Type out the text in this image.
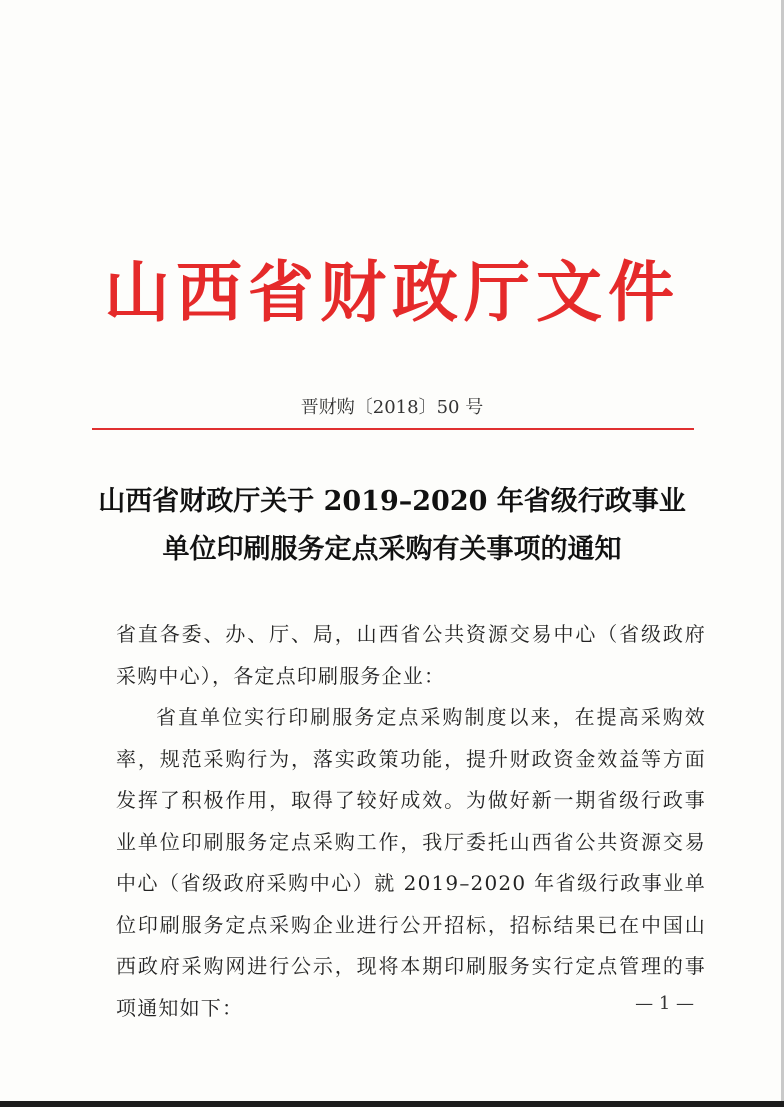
山西省财政厅文件
晋财购〔2018〕50 号
山西省财政厅关于 2019–2020 年省级行政事业
单位印刷服务定点采购有关事项的通知

省直各委、办、厅、局，山西省公共资源交易中心（省级政府采购中心），各定点印刷服务企业：

省直单位实行印刷服务定点采购制度以来，在提高采购效率，规范采购行为，落实政策功能，提升财政资金效益等方面发挥了积极作用，取得了较好成效。为做好新一期省级行政事业单位印刷服务定点采购工作，我厅委托山西省公共资源交易中心（省级政府采购中心）就 2019–2020 年省级行政事业单位印刷服务定点采购企业进行公开招标，招标结果已在中国山西政府采购网进行公示，现将本期印刷服务实行定点管理的事项通知如下：	— 1 —
